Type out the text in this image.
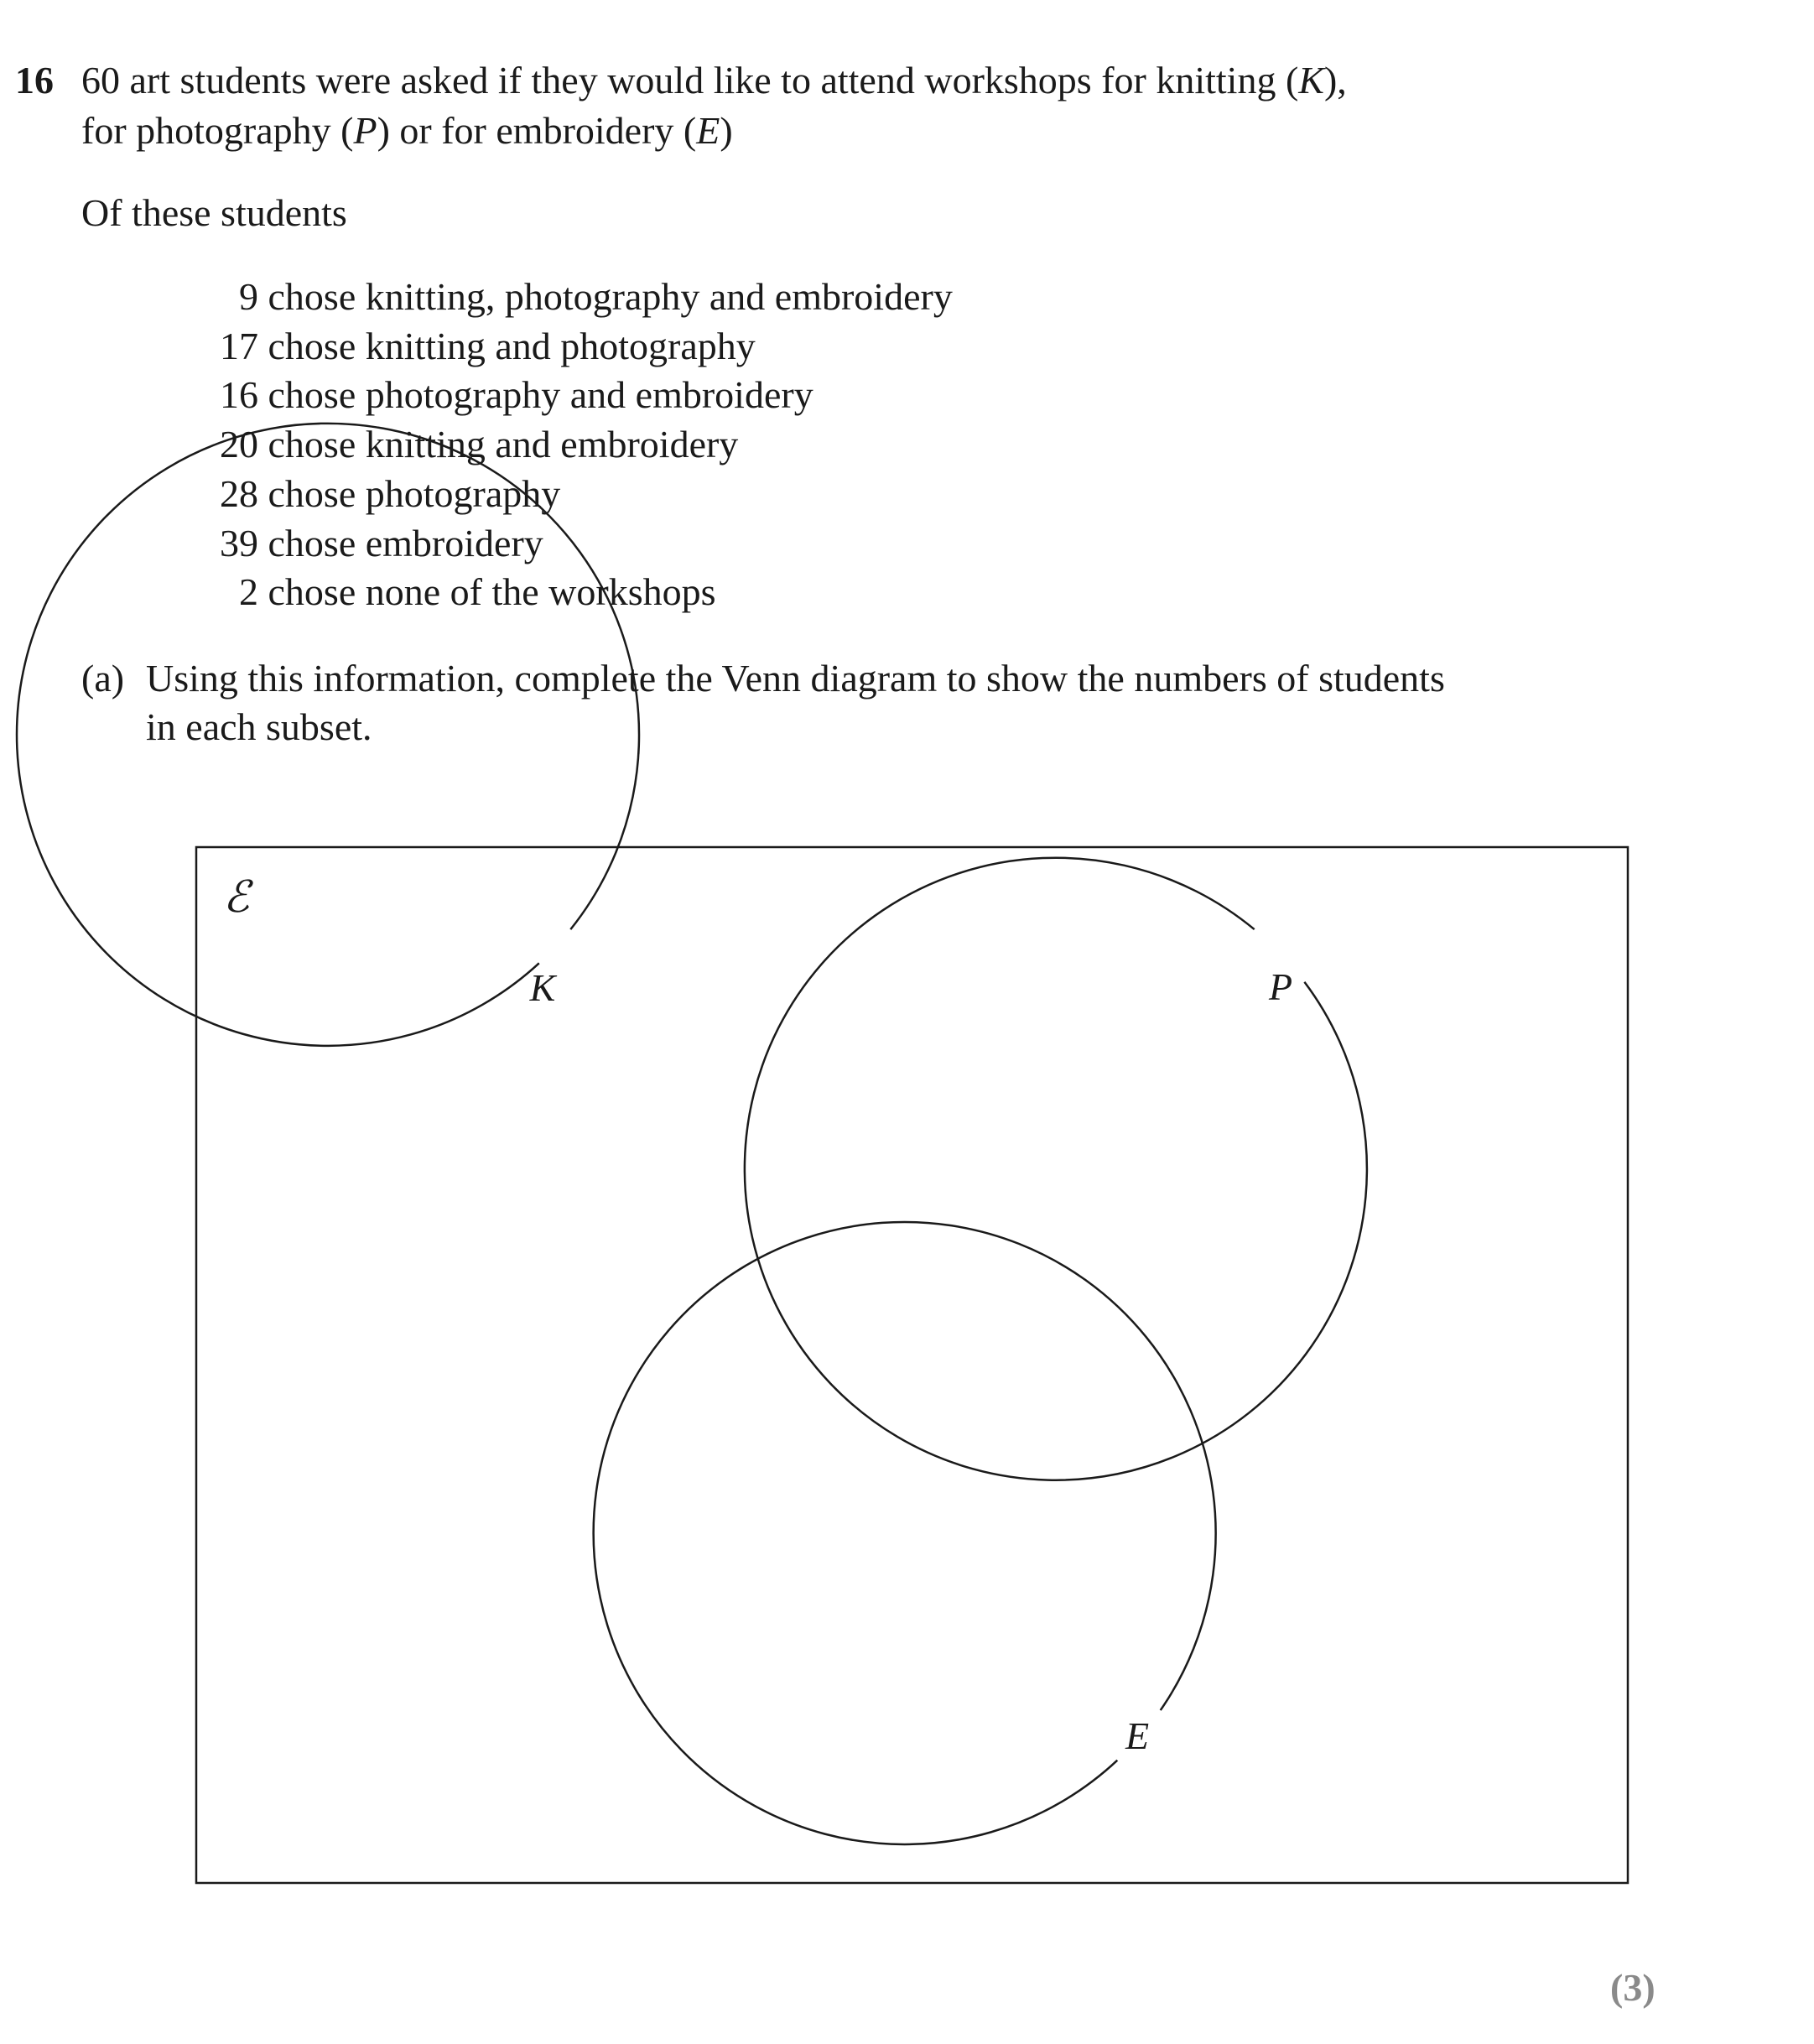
16 60 art students were asked if they would like to attend workshops for knitting (K),
for photography (P) or for embroidery (E)
Of these students
9 chose knitting, photography and embroidery
17 chose knitting and photography
16 chose photography and embroidery
20 chose knitting and embroidery
28 chose photography
39 chose embroidery
2 chose none of the workshops
(a) Using this information, complete the Venn diagram to show the numbers of students
in each subset.
ℰ
K	P
E
(3)
